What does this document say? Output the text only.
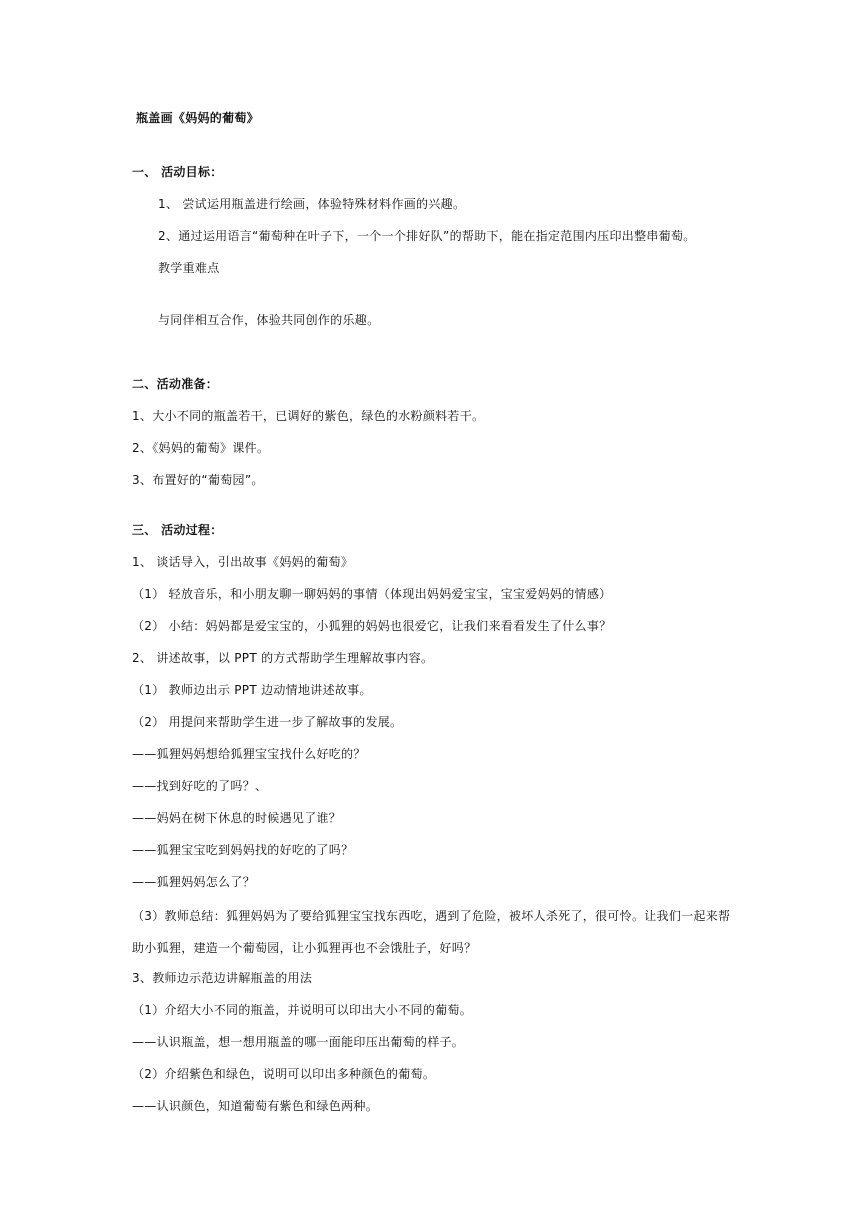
瓶盖画《妈妈的葡萄》
一、 活动目标：
1、 尝试运用瓶盖进行绘画，体验特殊材料作画的兴趣。
2、通过运用语言“葡萄种在叶子下，一个一个排好队”的帮助下，能在指定范围内压印出整串葡萄。
教学重难点
与同伴相互合作，体验共同创作的乐趣。
二、活动准备：
1、大小不同的瓶盖若干，已调好的紫色，绿色的水粉颜料若干。
2、《妈妈的葡萄》课件。
3、布置好的“葡萄园”。
三、 活动过程：
1、 谈话导入，引出故事《妈妈的葡萄》
（1） 轻放音乐，和小朋友聊一聊妈妈的事情（体现出妈妈爱宝宝，宝宝爱妈妈的情感）
（2） 小结：妈妈都是爱宝宝的，小狐狸的妈妈也很爱它，让我们来看看发生了什么事？
2、 讲述故事，以 PPT 的方式帮助学生理解故事内容。
（1） 教师边出示 PPT 边动情地讲述故事。
（2） 用提问来帮助学生进一步了解故事的发展。
——狐狸妈妈想给狐狸宝宝找什么好吃的？
——找到好吃的了吗？、
——妈妈在树下休息的时候遇见了谁？
——狐狸宝宝吃到妈妈找的好吃的了吗？
——狐狸妈妈怎么了？
（3）教师总结：狐狸妈妈为了要给狐狸宝宝找东西吃，遇到了危险，被坏人杀死了，很可怜。让我们一起来帮助小狐狸，建造一个葡萄园，让小狐狸再也不会饿肚子，好吗？
3、教师边示范边讲解瓶盖的用法
（1）介绍大小不同的瓶盖，并说明可以印出大小不同的葡萄。
——认识瓶盖，想一想用瓶盖的哪一面能印压出葡萄的样子。
（2）介绍紫色和绿色，说明可以印出多种颜色的葡萄。
——认识颜色，知道葡萄有紫色和绿色两种。
